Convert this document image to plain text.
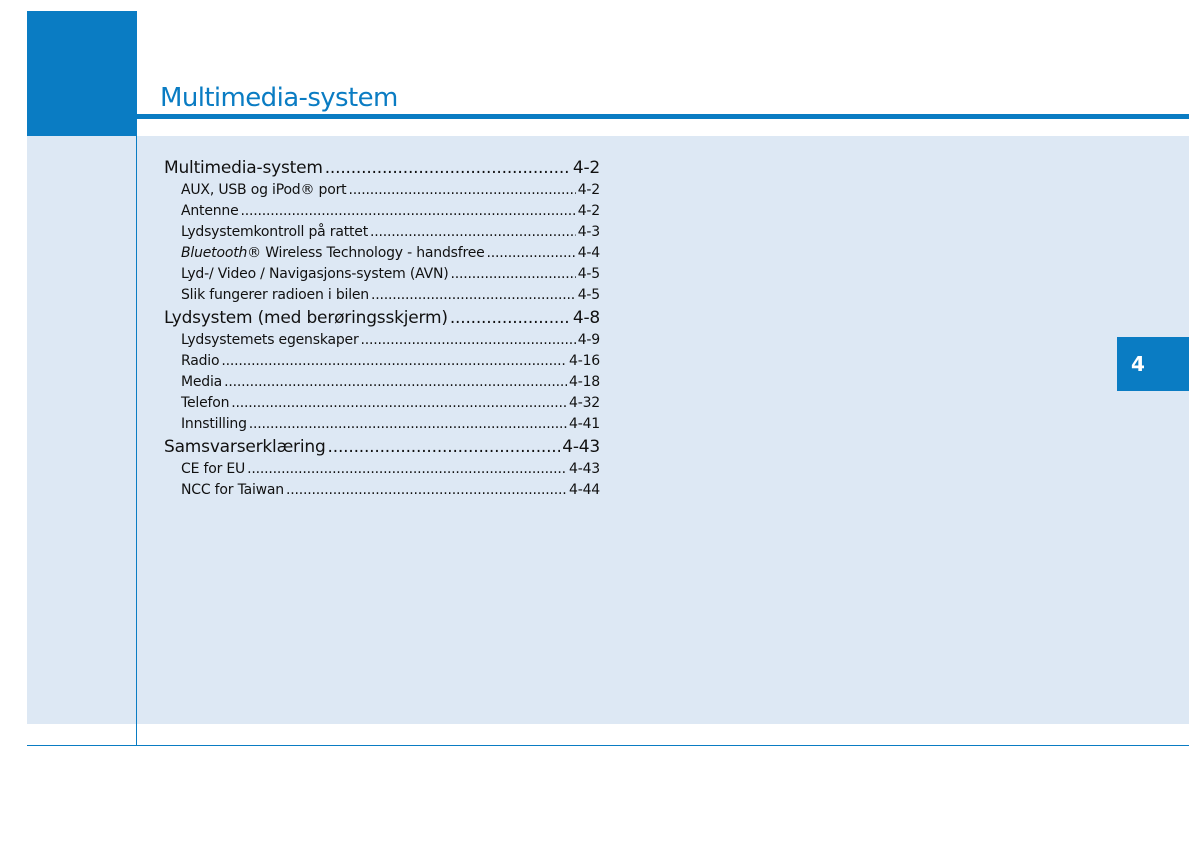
Multimedia-system
4
Multimedia-system .....	4-2
AUX, USB og iPod® port .....	4-2
Antenne .....	4-2
Lydsystemkontroll på rattet .....	4-3
Bluetooth® Wireless Technology - handsfree .....	4-4
Lyd-/ Video / Navigasjons-system (AVN) .....	4-5
Slik fungerer radioen i bilen .....	4-5
Lydsystem (med berøringsskjerm) .....	4-8
Lydsystemets egenskaper .....	4-9
Radio .....	4-16
Media .....	4-18
Telefon .....	4-32
Innstilling .....	4-41
Samsvarserklæring .....	4-43
CE for EU .....	4-43
NCC for Taiwan .....	4-44
